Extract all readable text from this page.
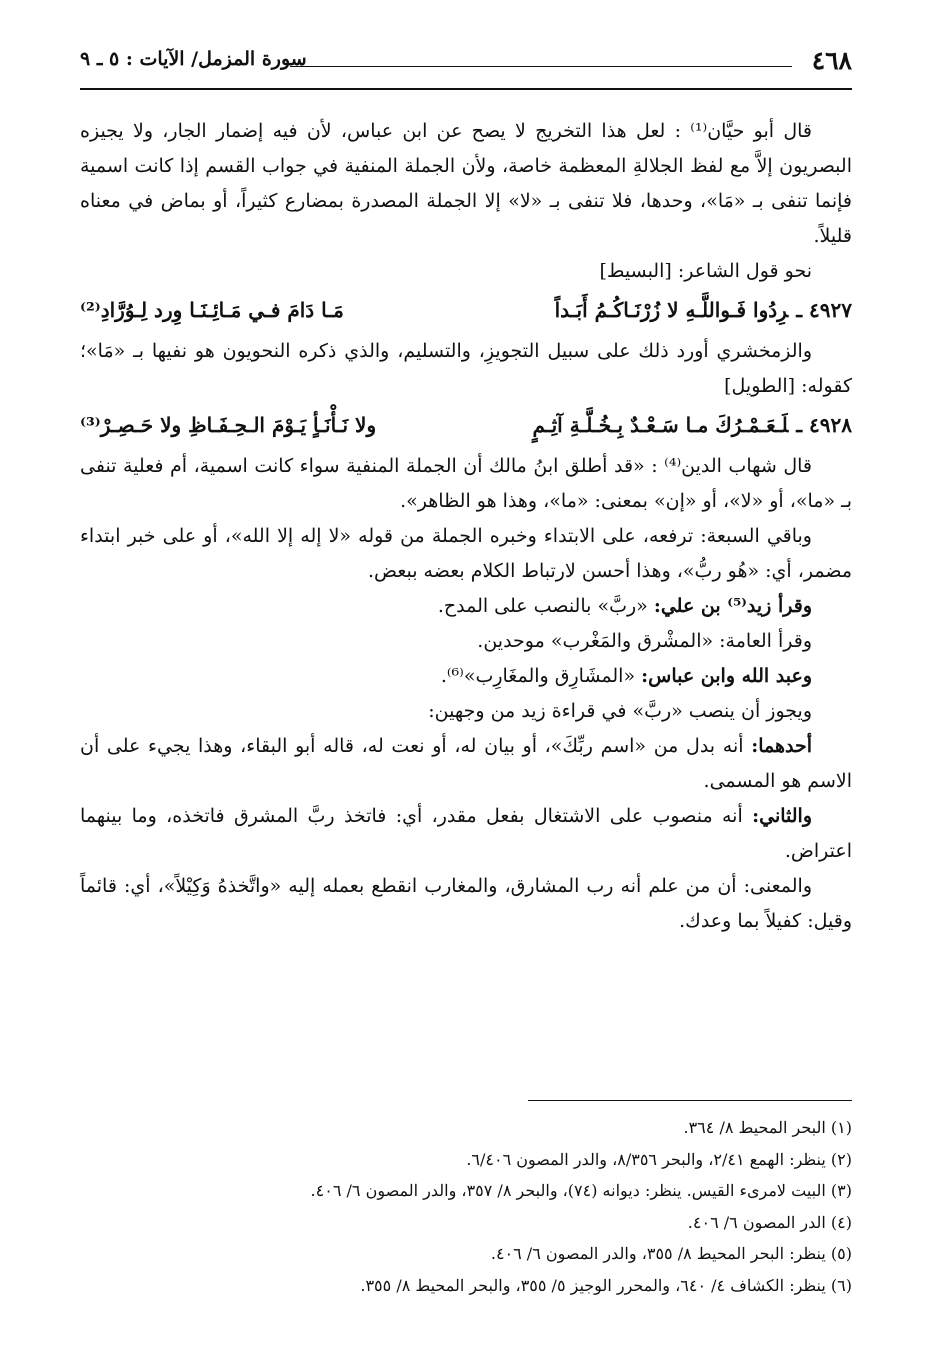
٤٦٨
سورة المزمل/ الآيات : ٥ ـ ٩

قال أبو حيَّان⁽¹⁾ : لعل هذا التخريج لا يصح عن ابن عباس، لأن فيه إضمار الجار، ولا يجيزه البصريون إلاَّ مع لفظ الجلالةِ المعظمة خاصة، ولأن الجملة المنفية في جواب القسم إذا كانت اسمية فإنما تنفى بـ «مَا»، وحدها، فلا تنفى بـ «لا» إلا الجملة المصدرة بمضارع كثيراً، أو بماض في معناه قليلاً.

نحو قول الشاعر: [البسيط]

٤٩٢٧ ـرِدُوا فَـواللَّـهِ لا زُرْنَـاكُـمُ أَبَـداً
مَـا دَامَ فـي مَـائِـنَـا وِرد لِـوُرَّادِ⁽²⁾

والزمخشري أورد ذلك على سبيل التجويزِ، والتسليم، والذي ذكره النحويون هو نفيها بـ «مَا»؛ كقوله: [الطويل]

٤٩٢٨ ـلَـعَـمْـرُكَ مـا سَـعْـدٌ بِـخُـلَّـةِ آثِـمٍ
ولا نَـأْنَـأٍ يَـوْمَ الـحِـفَـاظِ ولا حَـصِـرْ⁽³⁾

قال شهاب الدين⁽⁴⁾ : «قد أطلق ابنُ مالك أن الجملة المنفية سواء كانت اسمية، أم فعلية تنفى بـ «ما»، أو «لا»، أو «إن» بمعنى: «ما»، وهذا هو الظاهر».

وباقي السبعة: ترفعه، على الابتداء وخبره الجملة من قوله «لا إله إلا الله»، أو على خبر ابتداء مضمر، أي: «هُو ربُّ»، وهذا أحسن لارتباط الكلام بعضه ببعض.

وقرأ زيد⁽⁵⁾ بن علي: «ربَّ» بالنصب على المدح.

وقرأ العامة: «المشْرق والمَغْرب» موحدين.

وعبد الله وابن عباس: «المشَارِق والمغَارِب»⁽⁶⁾.

ويجوز أن ينصب «ربَّ» في قراءة زيد من وجهين:

أحدهما: أنه بدل من «اسم ربِّكَ»، أو بيان له، أو نعت له، قاله أبو البقاء، وهذا يجيء على أن الاسم هو المسمى.

والثاني: أنه منصوب على الاشتغال بفعل مقدر، أي: فاتخذ ربَّ المشرق فاتخذه، وما بينهما اعتراض.

والمعنى: أن من علم أنه رب المشارق، والمغارب انقطع بعمله إليه «واتَّخذهُ وَكِيْلاً»، أي: قائماً وقيل: كفيلاً بما وعدك.

(١) البحر المحيط ٨/ ٣٦٤.
(٢) ينظر: الهمع ٢/٤١، والبحر ٨/٣٥٦، والدر المصون ٦/٤٠٦.
(٣) البيت لامرىء القيس. ينظر: ديوانه (٧٤)، والبحر ٨/ ٣٥٧، والدر المصون ٦/ ٤٠٦.
(٤) الدر المصون ٦/ ٤٠٦.
(٥) ينظر: البحر المحيط ٨/ ٣٥٥، والدر المصون ٦/ ٤٠٦.
(٦) ينظر: الكشاف ٤/ ٦٤٠، والمحرر الوجيز ٥/ ٣٥٥، والبحر المحيط ٨/ ٣٥٥.
